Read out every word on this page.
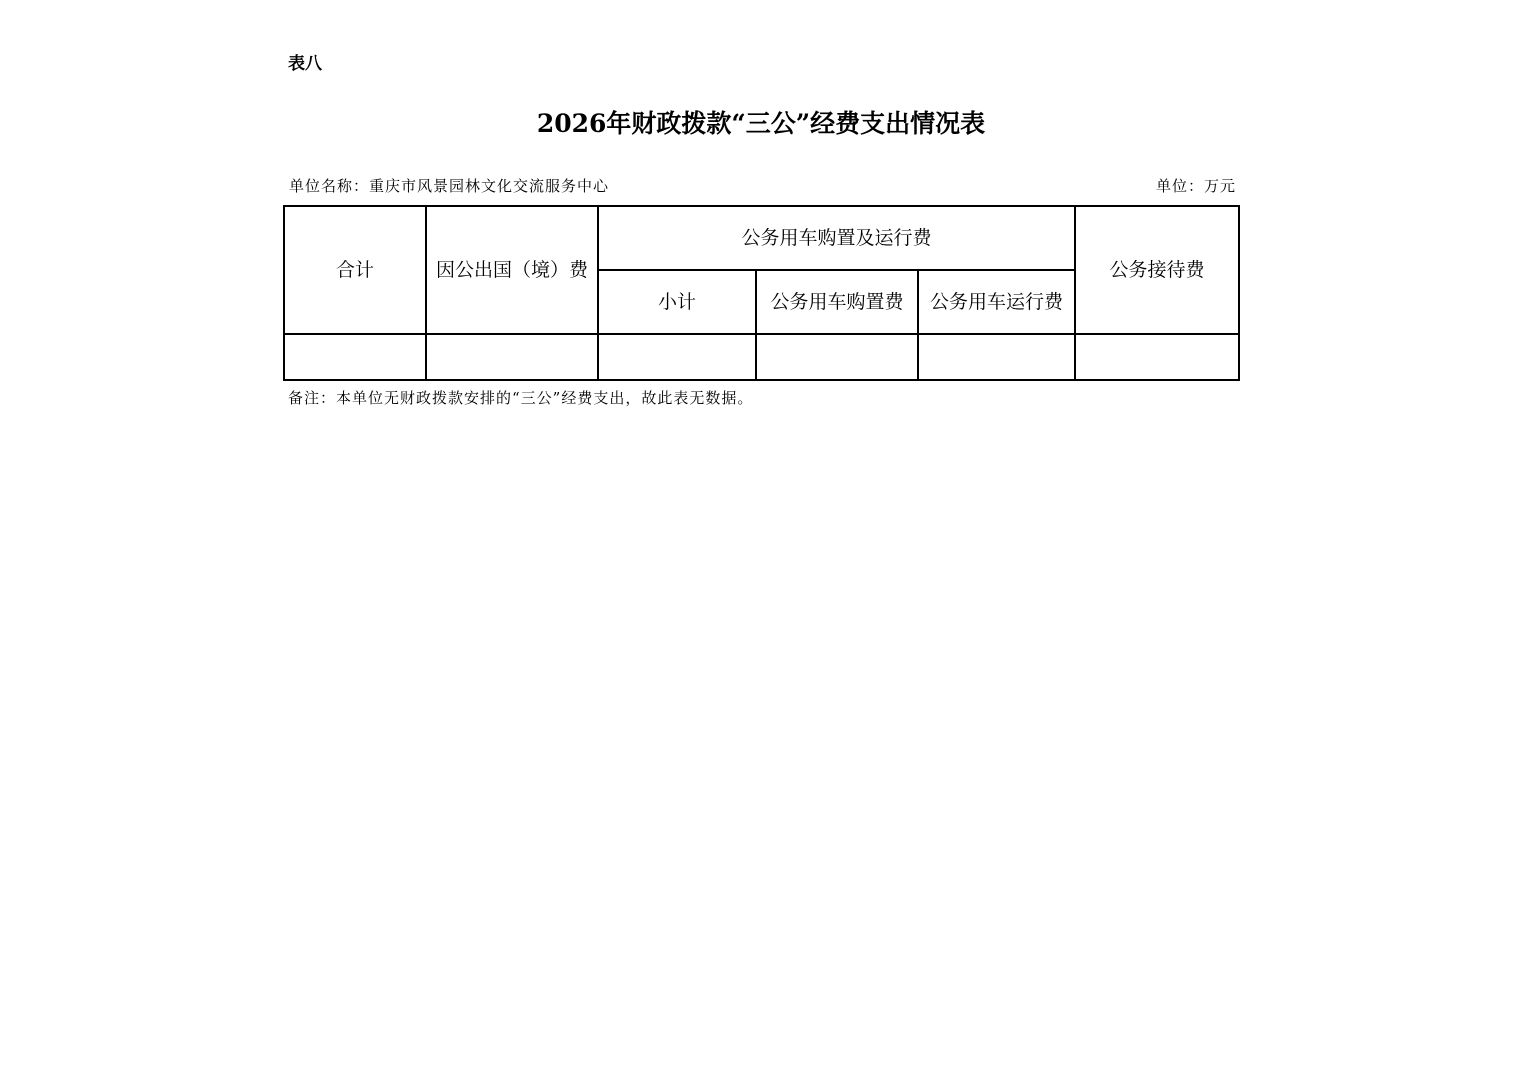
表八
2026年财政拨款“三公”经费支出情况表
单位名称：重庆市风景园林文化交流服务中心	单位：万元
合计	因公出国（境）费	公务用车购置及运行费			公务接待费
		小计	公务用车购置费	公务用车运行费	

备注：本单位无财政拨款安排的“三公”经费支出，故此表无数据。
